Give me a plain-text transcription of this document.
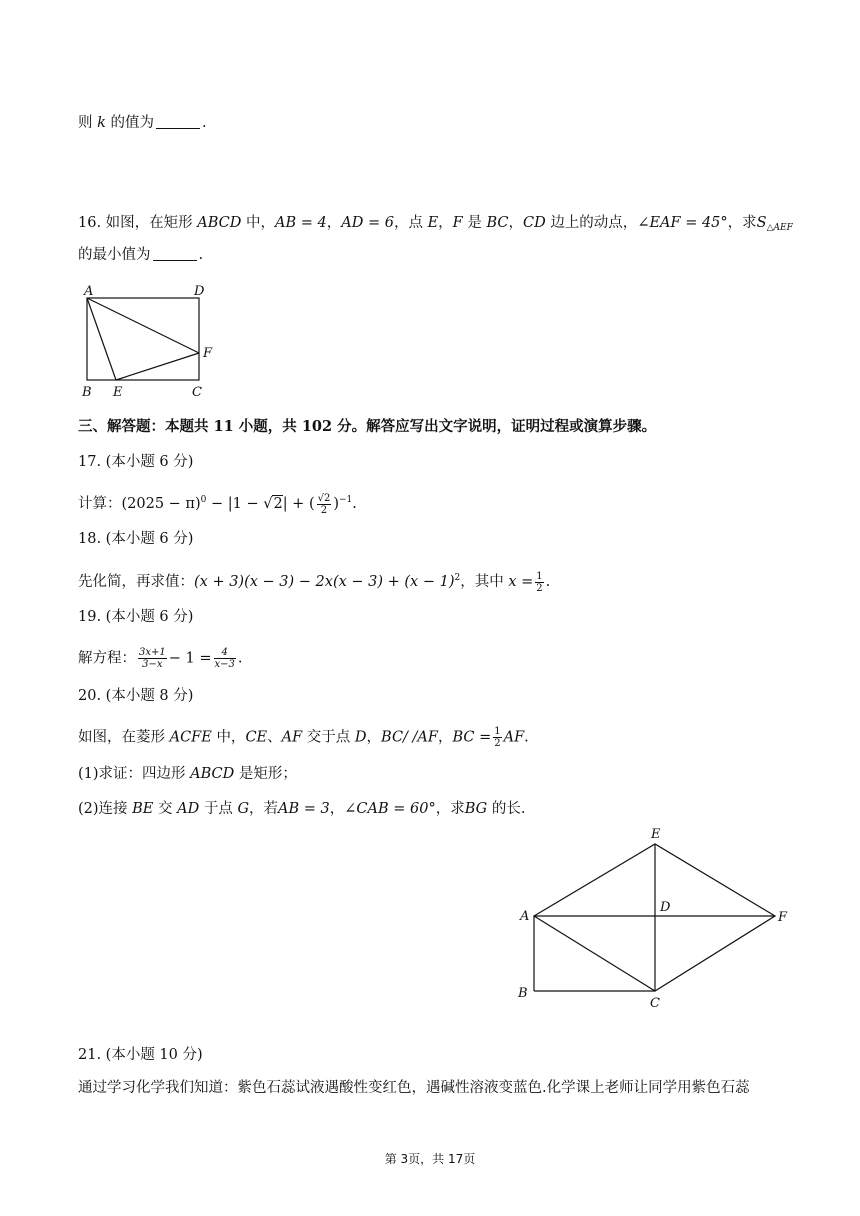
则 k 的值为	.
16. 如图，在矩形 ABCD 中，AB = 4，AD = 6，点 E，F 是 BC，CD 边上的动点，∠EAF = 45°，求$S_{\triangle AEF}$
的最小值为	.
A	D
F
B E	C
三、解答题：本题共 11 小题，共 102 分。解答应写出文字说明，证明过程或演算步骤。
17. (本小题 6 分)
计算：$(2025 - \pi)^0 - |1 - √2|$ + ( $\frac{√2}{2} )^{-1}$.
18. (本小题 6 分)
先化简，再求值：$(x + 3)(x - 3) - 2x(x - 3) + (x - 1)^2$，其中 $x = \frac{1}{2}$ .
19. (本小题 6 分)
解方程： $\frac{3x+1}{3-x} - 1 = \frac{4}{x-3}$ .
20. (本小题 8 分)
如图，在菱形 ACFE 中，CE、AF 交于点 D，BC/ /AF，BC = $\frac{1}{2}$ AF.
(1)求证：四边形 ABCD 是矩形；
(2)连接 BE 交 AD 于点 G，若AB = 3，∠CAB = 60°，求BG 的长.
E
A
D
F
B
C
21. (本小题 10 分)
通过学习化学我们知道：紫色石蕊试液遇酸性变红色，遇碱性溶液变蓝色.化学课上老师让同学用紫色石蕊
第 3页，共 17页
